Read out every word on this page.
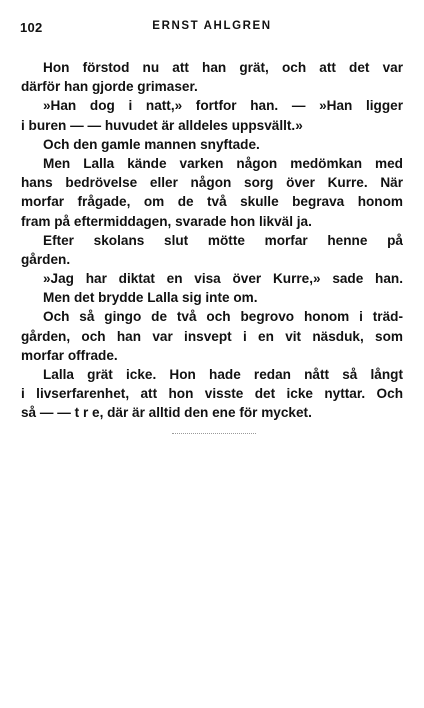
102	ERNST AHLGREN
Hon förstod nu att han grät, och att det var
därför han gjorde grimaser.
»Han dog i natt,» fortfor han. — »Han ligger
i buren — — huvudet är alldeles uppsvällt.»
Och den gamle mannen snyftade.
Men Lalla kände varken någon medömkan med
hans bedrövelse eller någon sorg över Kurre. När
morfar frågade, om de två skulle begrava honom
fram på eftermiddagen, svarade hon likväl ja.
Efter skolans slut mötte morfar henne på
gården.
»Jag har diktat en visa över Kurre,» sade han.
Men det brydde Lalla sig inte om.
Och så gingo de två och begrovo honom i träd-
gården, och han var insvept i en vit näsduk, som
morfar offrade.
Lalla grät icke. Hon hade redan nått så långt
i livserfarenhet, att hon visste det icke nyttar. Och
så — — t r e, där är alltid den ene för mycket.
